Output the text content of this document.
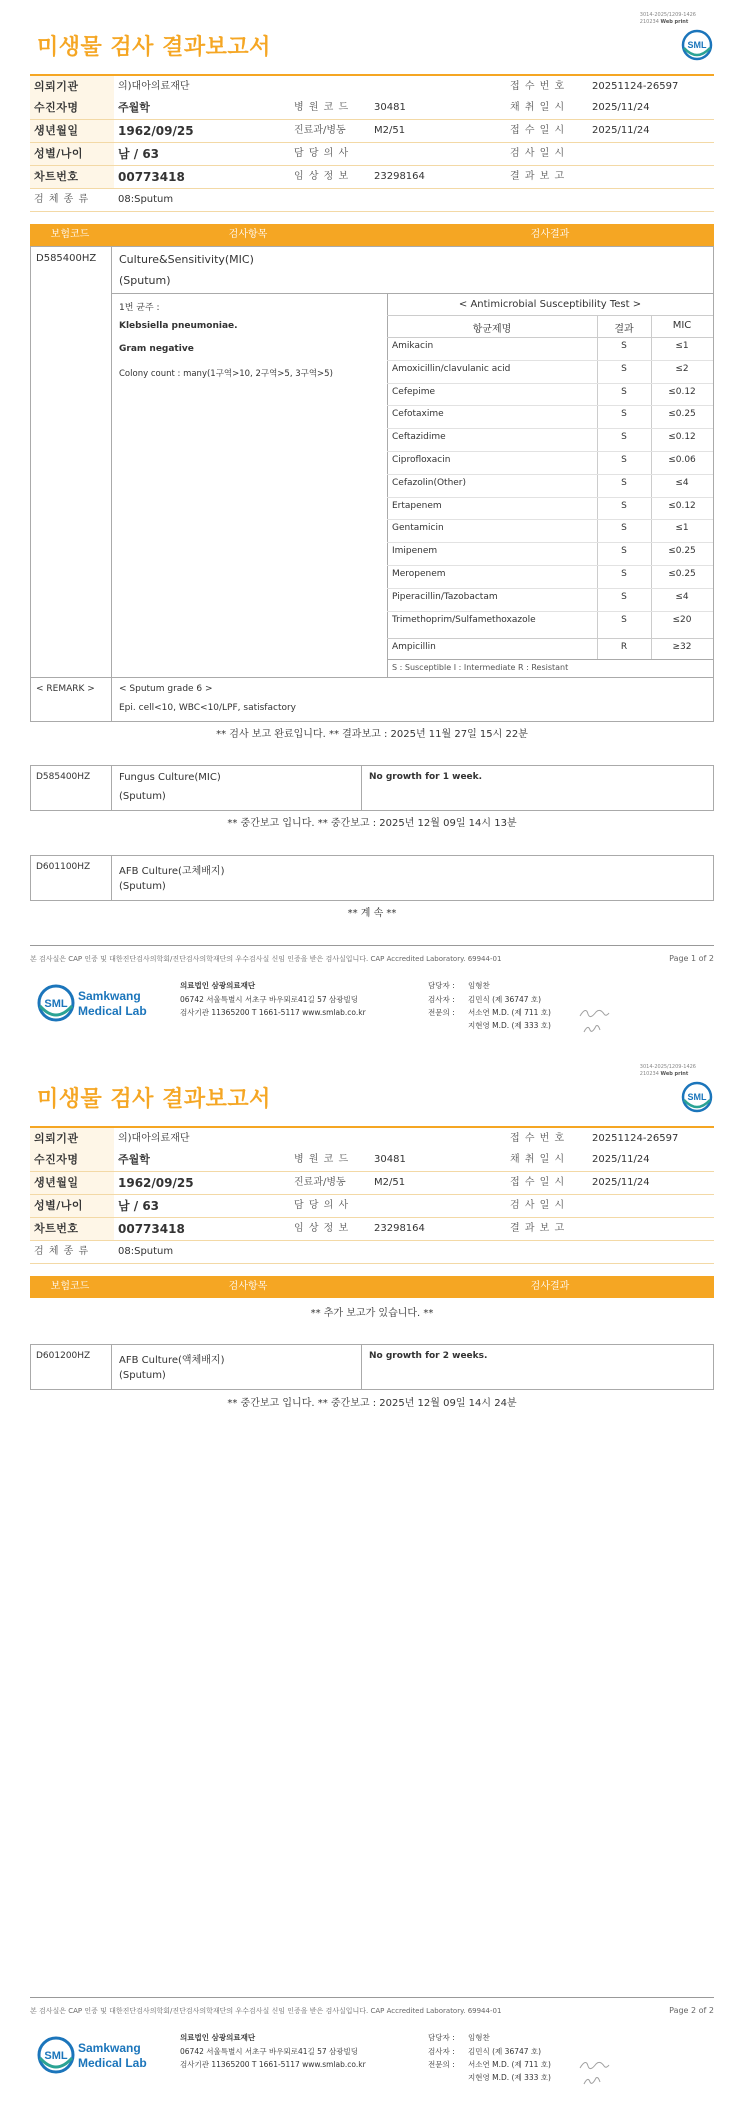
3014-2025/1209-1426
210234 Web print
미생물 검사 결과보고서	SML
의뢰기관	의)대아의료재단	접 수 번 호	20251124-26597
수진자명	주월학	병 원 코 드 30481	채 취 일 시	2025/11/24
생년월일	1962/09/25	진료과/병동	M2/51	접 수 일 시	2025/11/24
성별/나이	남 / 63	담 당 의 사	검 사 일 시
차트번호	00773418	임 상 정 보 23298164	결 과 보 고
검 체 종 류	08:Sputum
보험코드	검사항목	검사결과
D585400HZ Culture&Sensitivity(MIC)
(Sputum)
1번 균주 :
Klebsiella pneumoniae.
Gram negative
Colony count : many(1구역>10, 2구역>5, 3구역>5)
< Antimicrobial Susceptibility Test >
항균제명	결과	MIC
Amikacin	S	≤1
Amoxicillin/clavulanic acid	S	≤2
Cefepime	S	≤0.12
Cefotaxime	S	≤0.25
Ceftazidime	S	≤0.12
Ciprofloxacin	S	≤0.06
Cefazolin(Other)	S	≤4
Ertapenem	S	≤0.12
Gentamicin	S	≤1
Imipenem	S	≤0.25
Meropenem	S	≤0.25
Piperacillin/Tazobactam	S	≤4
Trimethoprim/Sulfamethoxazole	S	≤20
Ampicillin	R	≥32
S : Susceptible I : Intermediate R : Resistant
< REMARK >	< Sputum grade 6 >
Epi. cell<10, WBC<10/LPF, satisfactory
** 검사 보고 완료입니다. ** 결과보고 : 2025년 11월 27일 15시 22분
D585400HZ	Fungus Culture(MIC)
(Sputum)
No growth for 1 week.
** 중간보고 입니다. ** 중간보고 : 2025년 12월 09일 14시 13분
D601100HZ	AFB Culture(고체배지)
(Sputum)
** 계 속 **
본 검사실은 CAP 인증 및 대한진단검사의학회/진단검사의학재단의 우수검사실 신임 인증을 받은 검사실입니다. CAP Accredited Laboratory. 69944-01	Page 1 of 2
SML
Samkwang
Medical Lab
의료법인 삼광의료재단
06742 서울특별시 서초구 바우뫼로41길 57 삼광빌딩
검사기관 11365200 T 1661-5117 www.smlab.co.kr
담당자 : 임형찬
검사자 : 김민식 (제 36747 호)
전문의 : 서소연 M.D. (제 711 호)
지현영 M.D. (제 333 호)
3014-2025/1209-1426
210234 Web print
미생물 검사 결과보고서	SML
의뢰기관	의)대아의료재단	접 수 번 호	20251124-26597
수진자명	주월학	병 원 코 드 30481	채 취 일 시	2025/11/24
생년월일	1962/09/25	진료과/병동	M2/51	접 수 일 시	2025/11/24
성별/나이	남 / 63	담 당 의 사	검 사 일 시
차트번호	00773418	임 상 정 보 23298164	결 과 보 고
검 체 종 류	08:Sputum
보험코드	검사항목	검사결과
** 추가 보고가 있습니다. **
D601200HZ	AFB Culture(액체배지)
(Sputum)
No growth for 2 weeks.
** 중간보고 입니다. ** 중간보고 : 2025년 12월 09일 14시 24분
본 검사실은 CAP 인증 및 대한진단검사의학회/진단검사의학재단의 우수검사실 신임 인증을 받은 검사실입니다. CAP Accredited Laboratory. 69944-01	Page 2 of 2
SML
Samkwang
Medical Lab
의료법인 삼광의료재단
06742 서울특별시 서초구 바우뫼로41길 57 삼광빌딩
검사기관 11365200 T 1661-5117 www.smlab.co.kr
담당자 : 임형찬
검사자 : 김민식 (제 36747 호)
전문의 : 서소연 M.D. (제 711 호)
지현영 M.D. (제 333 호)
